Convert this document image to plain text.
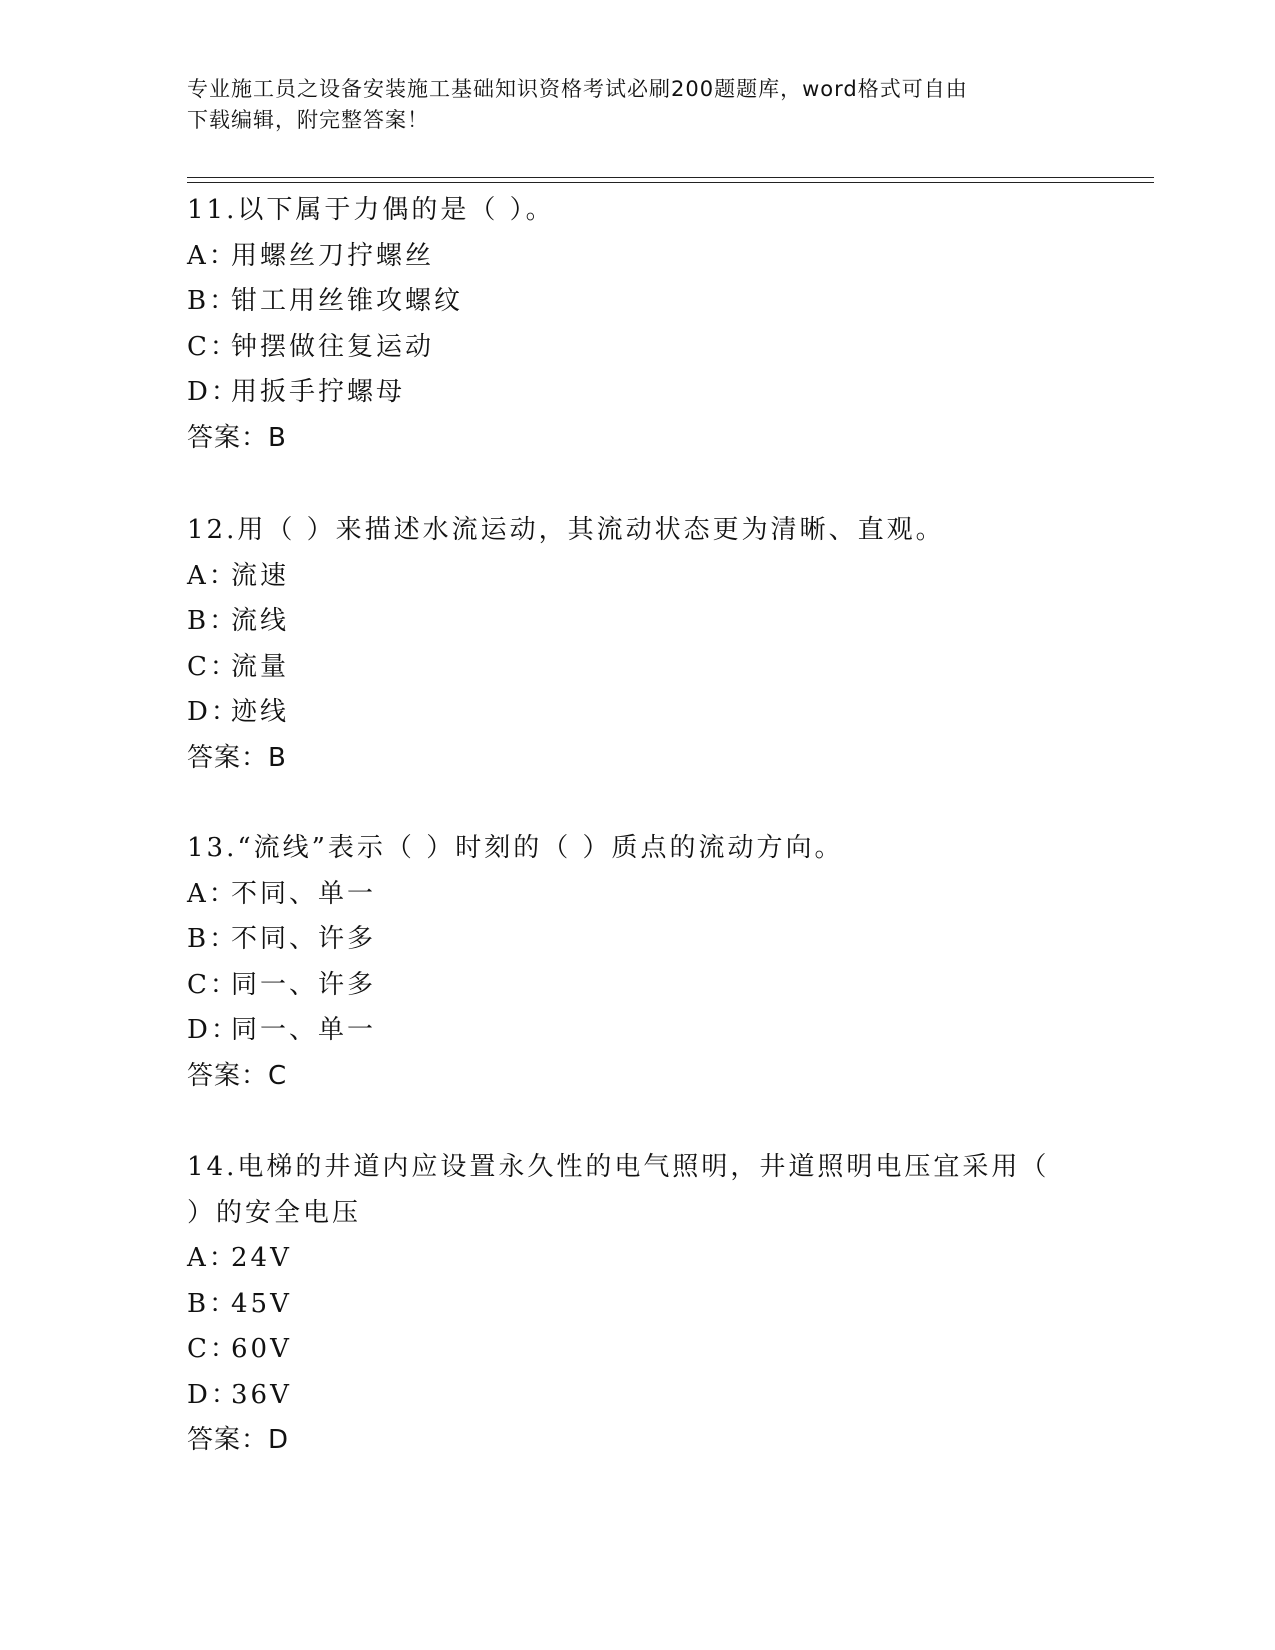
专业施工员之设备安装施工基础知识资格考试必刷200题题库，word格式可自由
下载编辑，附完整答案！
11.以下属于力偶的是（ ）。
A：用螺丝刀拧螺丝
B：钳工用丝锥攻螺纹
C：钟摆做往复运动
D：用扳手拧螺母
答案：B
12.用（ ）来描述水流运动，其流动状态更为清晰、直观。
A：流速
B：流线
C：流量
D：迹线
答案：B
13.“流线”表示（ ）时刻的（ ）质点的流动方向。
A：不同、单一
B：不同、许多
C：同一、许多
D：同一、单一
答案：C
14.电梯的井道内应设置永久性的电气照明，井道照明电压宜采用（
）的安全电压
A：24V
B：45V
C：60V
D：36V
答案：D
